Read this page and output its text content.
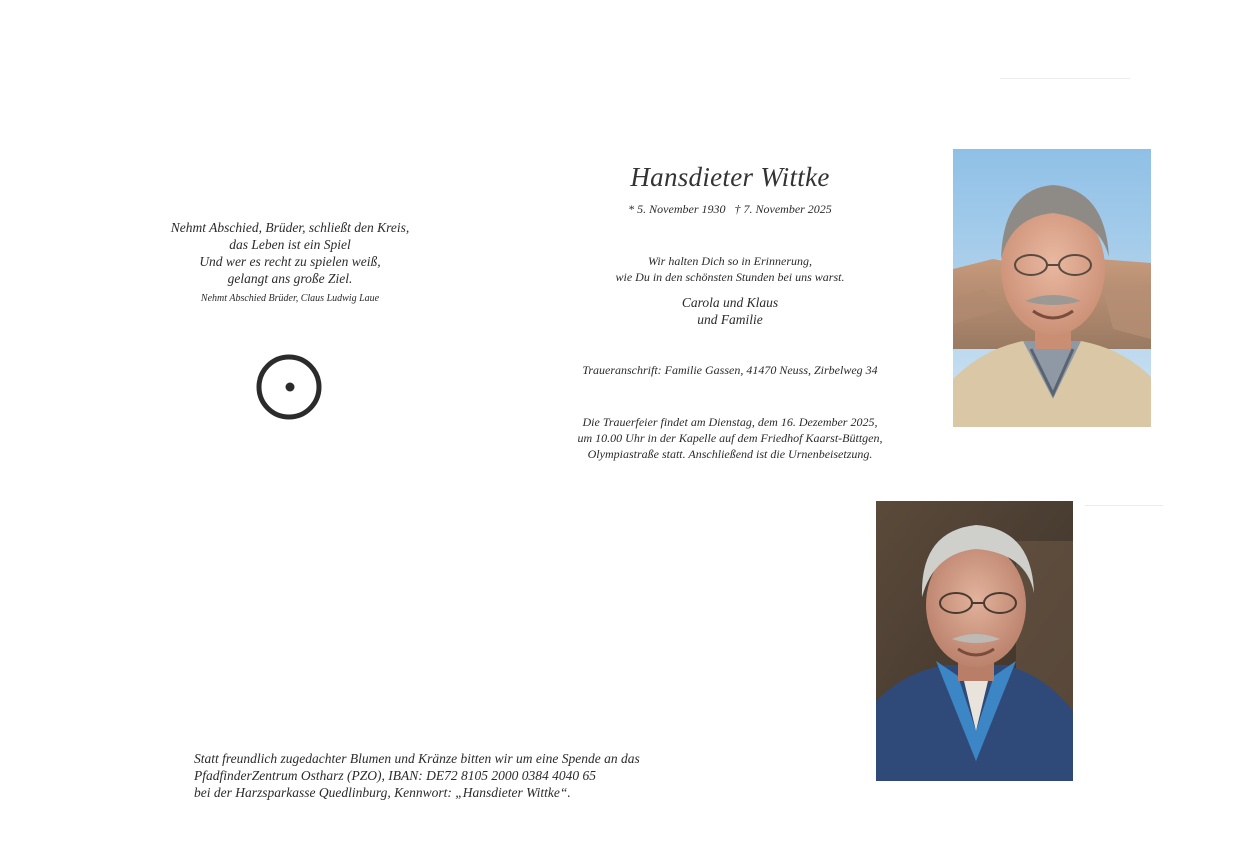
Nehmt Abschied, Brüder, schließt den Kreis,
das Leben ist ein Spiel
Und wer es recht zu spielen weiß,
gelangt ans große Ziel.
Nehmt Abschied Brüder, Claus Ludwig Laue
Hansdieter Wittke
* 5. November 1930   † 7. November 2025
Wir halten Dich so in Erinnerung,
wie Du in den schönsten Stunden bei uns warst.
Carola und Klaus
und Familie
Traueranschrift: Familie Gassen, 41470 Neuss, Zirbelweg 34
Die Trauerfeier findet am Dienstag, dem 16. Dezember 2025,
um 10.00 Uhr in der Kapelle auf dem Friedhof Kaarst-Büttgen,
Olympiastraße statt. Anschließend ist die Urnenbeisetzung.
Statt freundlich zugedachter Blumen und Kränze bitten wir um eine Spende an das
PfadfinderZentrum Ostharz (PZO), IBAN: DE72 8105 2000 0384 4040 65
bei der Harzsparkasse Quedlinburg, Kennwort: „Hansdieter Wittke“.
